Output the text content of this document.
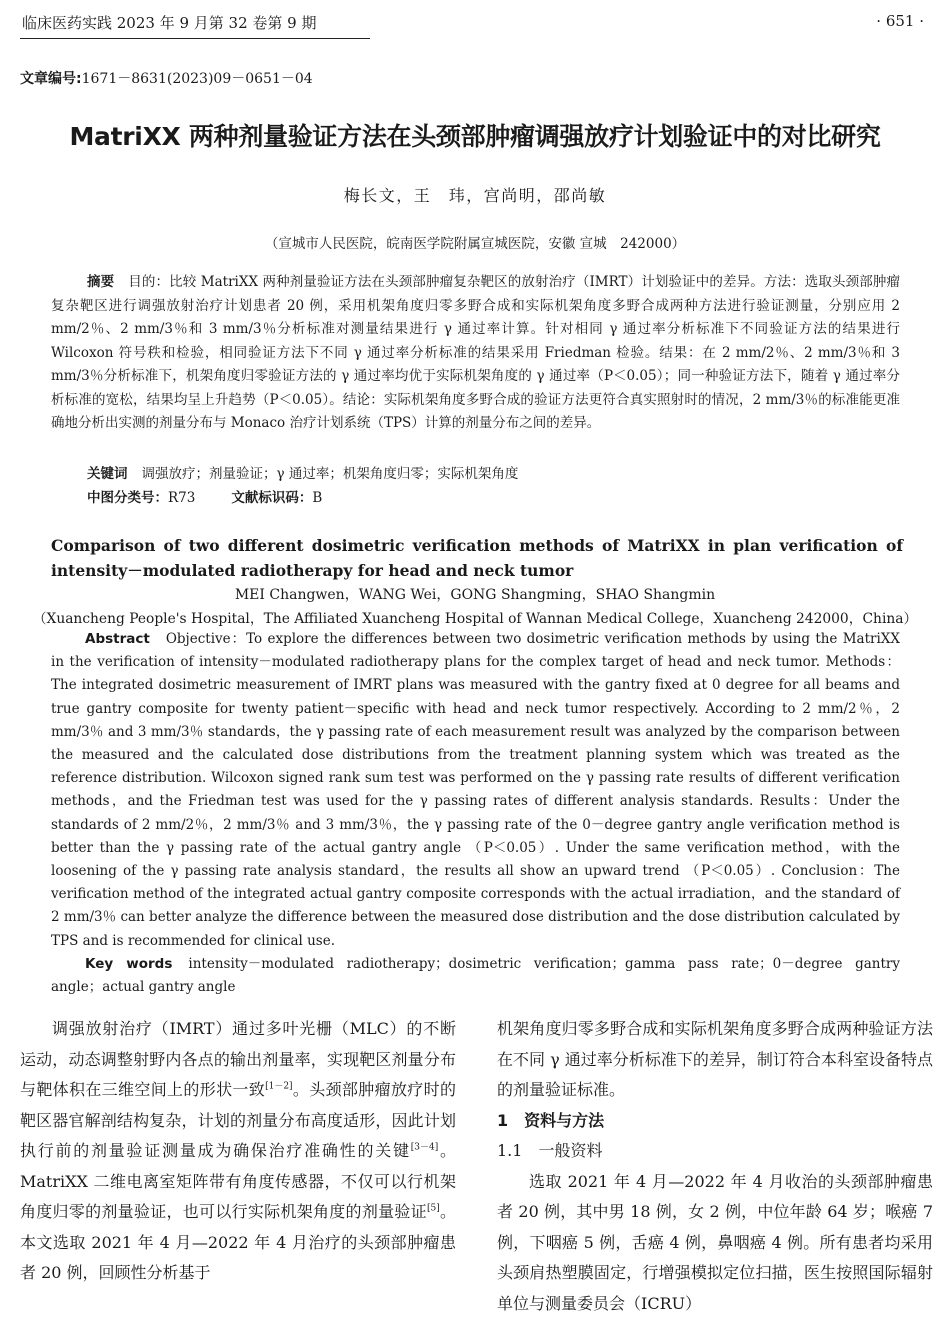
临床医药实践 2023 年 9 月第 32 卷第 9 期	· 651 ·
文章编号:1671－8631(2023)09－0651－04
MatriXX 两种剂量验证方法在头颈部肿瘤调强放疗计划验证中的对比研究
梅长文，王　玮，宫尚明，邵尚敏
（宣城市人民医院，皖南医学院附属宣城医院，安徽 宣城　242000）
摘要 目的：比较 MatriXX 两种剂量验证方法在头颈部肿瘤复杂靶区的放射治疗（IMRT）计划验证中的差异。方法：选取头颈部肿瘤复杂靶区进行调强放射治疗计划患者 20 例，采用机架角度归零多野合成和实际机架角度多野合成两种方法进行验证测量，分别应用 2 mm/2％、2 mm/3％和 3 mm/3％分析标准对测量结果进行 γ 通过率计算。针对相同 γ 通过率分析标准下不同验证方法的结果进行 Wilcoxon 符号秩和检验，相同验证方法下不同 γ 通过率分析标准的结果采用 Friedman 检验。结果：在 2 mm/2％、2 mm/3％和 3 mm/3％分析标准下，机架角度归零验证方法的 γ 通过率均优于实际机架角度的 γ 通过率（P＜0.05）；同一种验证方法下，随着 γ 通过率分析标准的宽松，结果均呈上升趋势（P＜0.05）。结论：实际机架角度多野合成的验证方法更符合真实照射时的情况，2 mm/3％的标准能更准确地分析出实测的剂量分布与 Monaco 治疗计划系统（TPS）计算的剂量分布之间的差异。
关键词 调强放疗；剂量验证；γ 通过率；机架角度归零；实际机架角度
中图分类号：R73	文献标识码：B
Comparison of two different dosimetric verification methods of MatriXX in plan verification of intensity－modulated radiotherapy for head and neck tumor
MEI Changwen，WANG Wei，GONG Shangming，SHAO Shangmin
（Xuancheng People's Hospital，The Affiliated Xuancheng Hospital of Wannan Medical College，Xuancheng 242000，China）
Abstract Objective：To explore the differences between two dosimetric verification methods by using the MatriXX in the verification of intensity－modulated radiotherapy plans for the complex target of head and neck tumor. Methods：The integrated dosimetric measurement of IMRT plans was measured with the gantry fixed at 0 degree for all beams and true gantry composite for twenty patient－specific with head and neck tumor respectively. According to 2 mm/2％，2 mm/3％ and 3 mm/3％ standards，the γ passing rate of each measurement result was analyzed by the comparison between the measured and the calculated dose distributions from the treatment planning system which was treated as the reference distribution. Wilcoxon signed rank sum test was performed on the γ passing rate results of different verification methods，and the Friedman test was used for the γ passing rates of different analysis standards. Results：Under the standards of 2 mm/2％，2 mm/3％ and 3 mm/3％，the γ passing rate of the 0－degree gantry angle verification method is better than the γ passing rate of the actual gantry angle （P＜0.05）. Under the same verification method，with the loosening of the γ passing rate analysis standard，the results all show an upward trend （P＜0.05）. Conclusion：The verification method of the integrated actual gantry composite corresponds with the actual irradiation，and the standard of 2 mm/3％ can better analyze the difference between the measured dose distribution and the dose distribution calculated by TPS and is recommended for clinical use.
Key words intensity－modulated radiotherapy；dosimetric verification；gamma pass rate；0－degree gantry angle；actual gantry angle
调强放射治疗（IMRT）通过多叶光栅（MLC）的不断运动，动态调整射野内各点的输出剂量率，实现靶区剂量分布与靶体积在三维空间上的形状一致[1－2]。头颈部肿瘤放疗时的靶区器官解剖结构复杂，计划的剂量分布高度适形，因此计划执行前的剂量验证测量成为确保治疗准确性的关键[3－4]。MatriXX 二维电离室矩阵带有角度传感器，不仅可以行机架角度归零的剂量验证，也可以行实际机架角度的剂量验证[5]。本文选取 2021 年 4 月—2022 年 4 月治疗的头颈部肿瘤患者 20 例，回顾性分析基于
机架角度归零多野合成和实际机架角度多野合成两种验证方法在不同 γ 通过率分析标准下的差异，制订符合本科室设备特点的剂量验证标准。
1　资料与方法
1.1　一般资料
选取 2021 年 4 月—2022 年 4 月收治的头颈部肿瘤患者 20 例，其中男 18 例，女 2 例，中位年龄 64 岁；喉癌 7 例，下咽癌 5 例，舌癌 4 例，鼻咽癌 4 例。所有患者均采用头颈肩热塑膜固定，行增强模拟定位扫描，医生按照国际辐射单位与测量委员会（ICRU）
